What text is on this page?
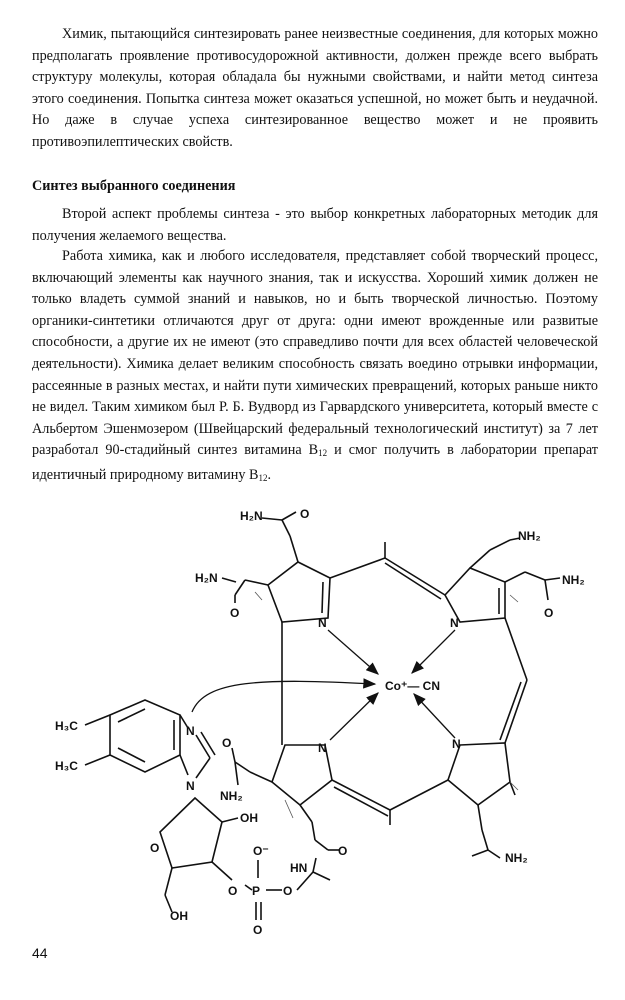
Химик, пытающийся синтезировать ранее неизвестные соединения, для которых можно предполагать проявление противосудорожной активности, должен прежде всего выбрать структуру молекулы, которая обладала бы нужными свойствами, и найти метод синтеза этого соединения. Попытка синтеза может оказаться успешной, но может быть и неудачной. Но даже в случае успеха синтезированное вещество может и не проявить противоэпилептических свойств.

Синтез выбранного соединения

Второй аспект проблемы синтеза - это выбор конкретных лабораторных методик для получения желаемого вещества.

Работа химика, как и любого исследователя, представляет собой творческий процесс, включающий элементы как научного знания, так и искусства. Хороший химик должен не только владеть суммой знаний и навыков, но и быть творческой личностью. Поэтому органики-синтетики отличаются друг от друга: одни имеют врожденные или развитые способности, а другие их не имеют (это справедливо почти для всех областей человеческой деятельности). Химика делает великим способность связать воедино отрывки информации, рассеянные в разных местах, и найти пути химических превращений, которых раньше никто не видел. Таким химиком был Р. Б. Вудворд из Гарвардского университета, который вместе с Альбертом Эшенмозером (Швейцарский федеральный технологический институт) за 7 лет разработал 90-стадийный синтез витамина $B_{12}$ и смог получить в лаборатории препарат идентичный природному витамину $B_{12}$.

N	N
N	N
Co⁺— CN
H₂N	O
H₂N
O
NH₂
NH₂
O
H₃C
H₃C
N
N
O
NH₂
OH
O
OH
O
O⁻
P O
O
HN
O	NH₂
44
